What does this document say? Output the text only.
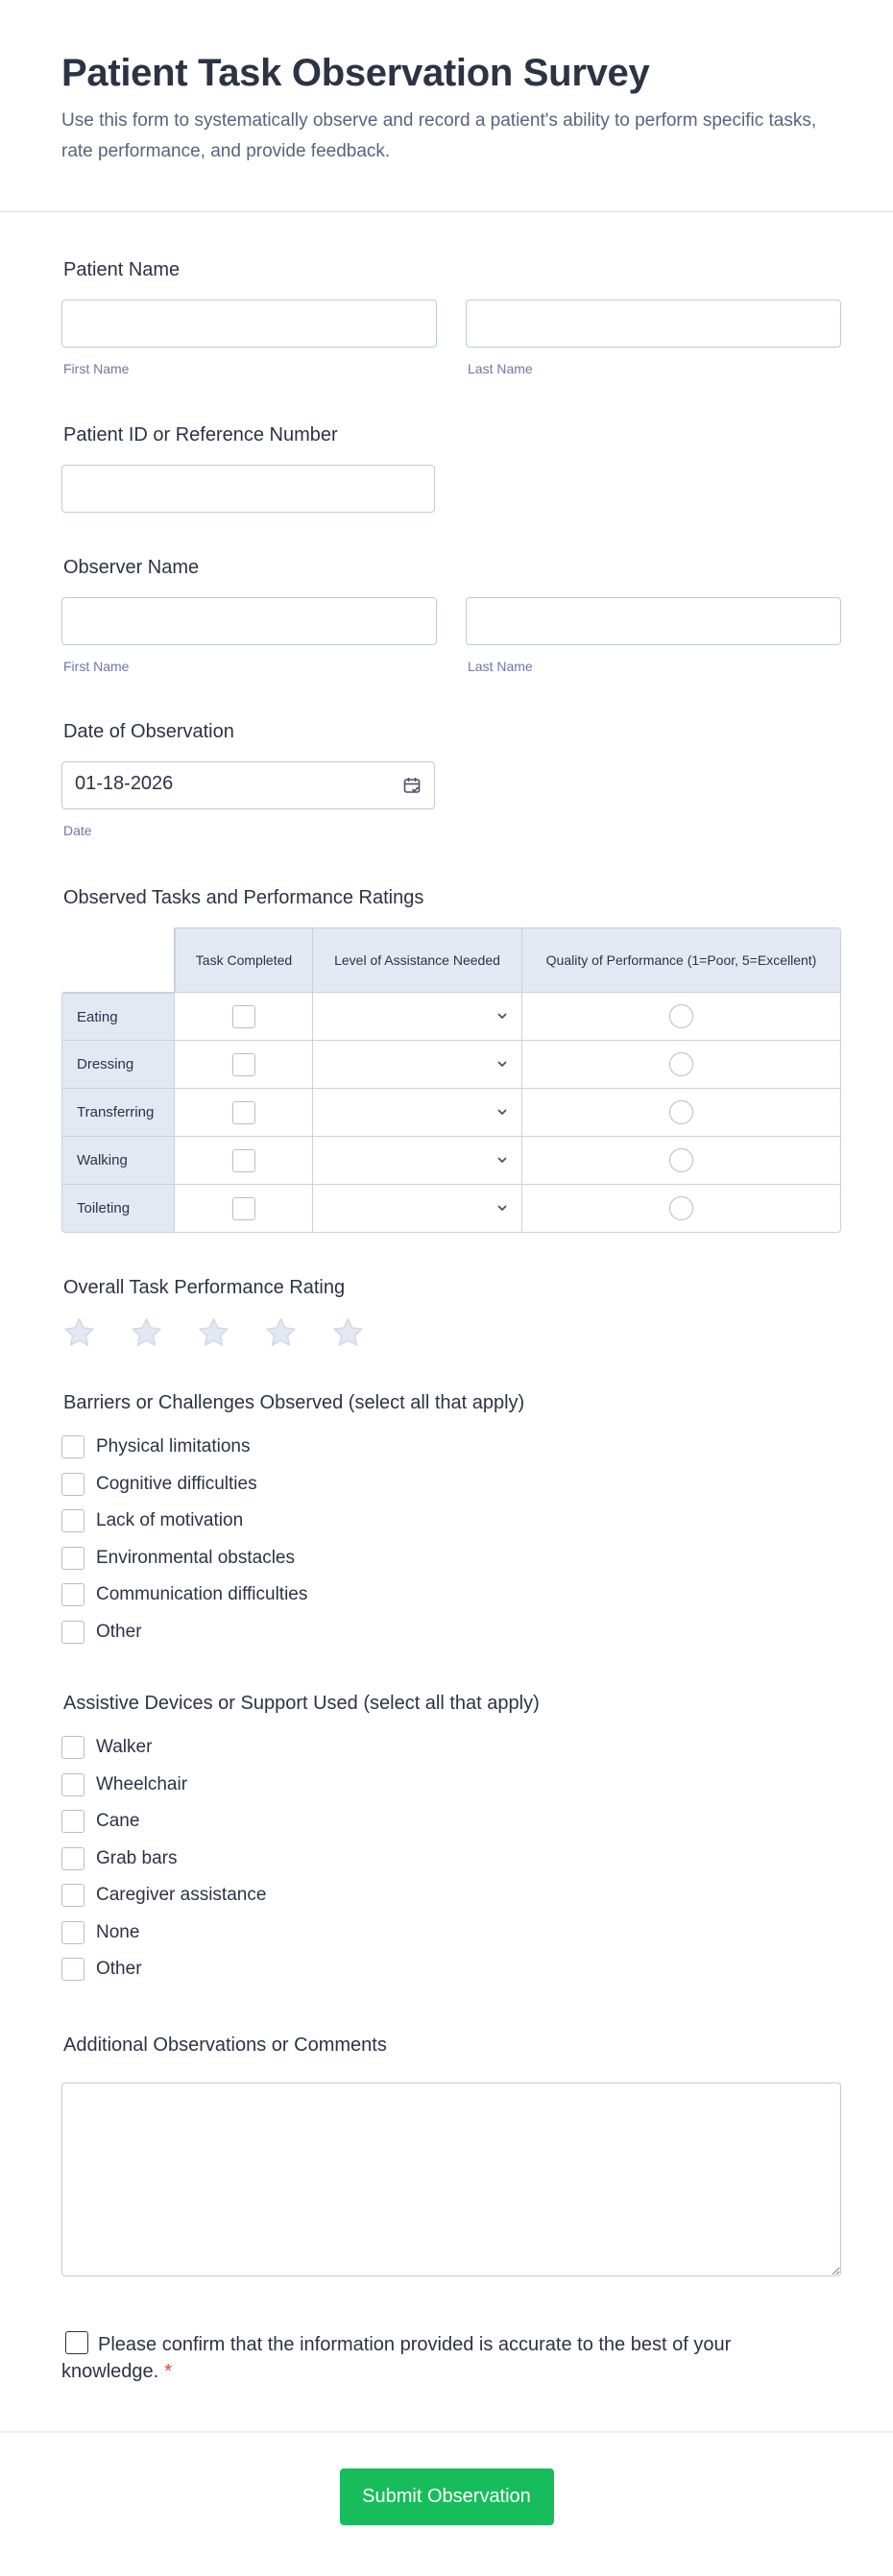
Patient Task Observation Survey

Use this form to systematically observe and record a patient's ability to perform specific tasks, rate performance, and provide feedback.

Patient Name
First Name	Last Name
Patient ID or Reference Number
Observer Name
First Name	Last Name
Date of Observation
01-18-2026
Date
Observed Tasks and Performance Ratings
	Task Completed	Level of Assistance Needed	Quality of Performance (1=Poor, 5=Excellent)
Eating		

Dressing		

Transferring		

Walking		

Toileting		

Overall Task Performance Rating
Barriers or Challenges Observed (select all that apply)
Physical limitations
Cognitive difficulties
Lack of motivation
Environmental obstacles
Communication difficulties
Other
Assistive Devices or Support Used (select all that apply)
Walker
Wheelchair
Cane
Grab bars
Caregiver assistance
None
Other
Additional Observations or Comments
Please confirm that the information provided is accurate to the best of your knowledge. *
Submit Observation
